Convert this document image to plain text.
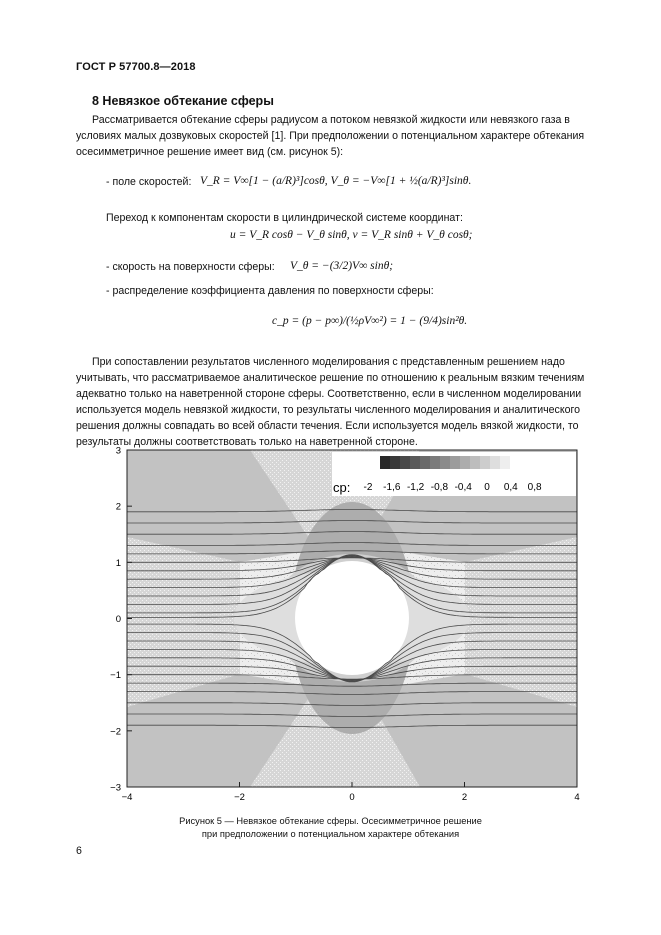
ГОСТ Р 57700.8—2018
8 Невязкое обтекание сферы
Рассматривается обтекание сферы радиусом a потоком невязкой жидкости или невязкого газа в
условиях малых дозвуковых скоростей [1]. При предположении о потенциальном характере обтекания
осесимметричное решение имеет вид (см. рисунок 5):
- поле скоростей: V_R = V∞[1 − (a/R)³]cosθ, V_θ = −V∞[1 + ½(a/R)³]sinθ.
Переход к компонентам скорости в цилиндрической системе координат:
u = V_R cosθ − V_θ sinθ, v = V_R sinθ + V_θ cosθ;
- скорость на поверхности сферы: V_θ = −(3/2)V∞ sinθ;
- распределение коэффициента давления по поверхности сферы:
c_p = (p − p∞)/(½ρV∞²) = 1 − (9/4)sin²θ.
При сопоставлении результатов численного моделирования с представленным решением надо
учитывать, что рассматриваемое аналитическое решение по отношению к реальным вязким течениям
адекватно только на наветренной стороне сферы. Соответственно, если в численном моделировании
используется модель невязкой жидкости, то результаты численного моделирования и аналитического
решения должны совпадать во всей области течения. Если используется модель вязкой жидкости, то
результаты должны соответствовать только на наветренной стороне.
cp: -2 -1,6 -1,2 -0,8 -0,4 0 0,4 0,8
−4	−2	0	2	4
3
2
1
0
−1
−2
−3
Рисунок 5 — Невязкое обтекание сферы. Осесимметричное решение
при предположении о потенциальном характере обтекания
6
